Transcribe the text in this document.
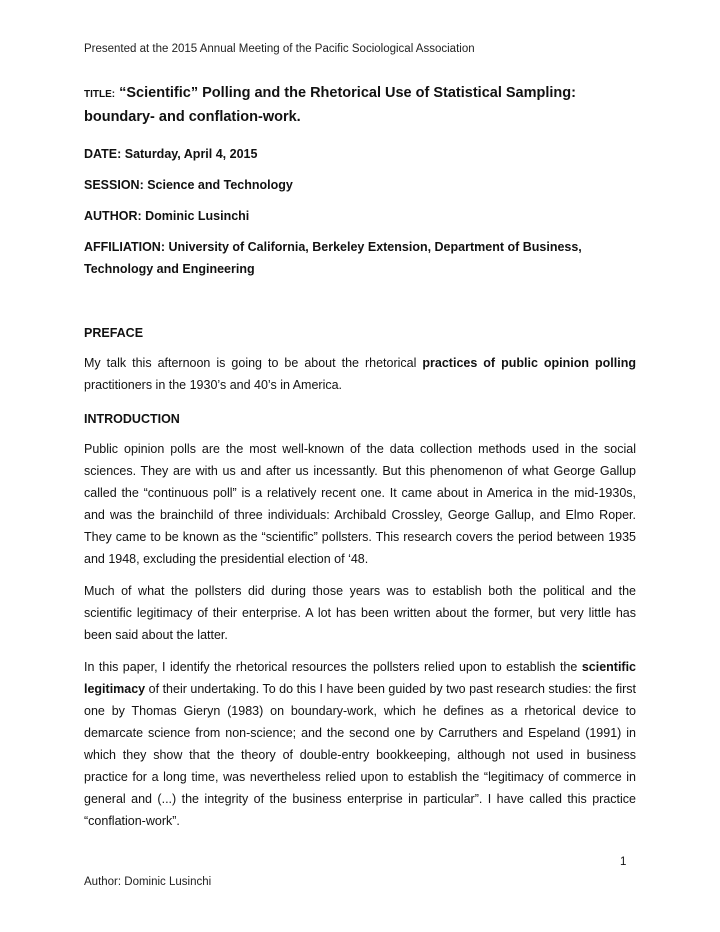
Presented at the 2015 Annual Meeting of the Pacific Sociological Association
TITLE: “Scientific” Polling and the Rhetorical Use of Statistical Sampling: boundary- and conflation-work.
DATE: Saturday, April 4, 2015
SESSION: Science and Technology
AUTHOR: Dominic Lusinchi
AFFILIATION: University of California, Berkeley Extension, Department of Business, Technology and Engineering
PREFACE

My talk this afternoon is going to be about the rhetorical practices of public opinion polling practitioners in the 1930’s and 40’s in America.

INTRODUCTION

Public opinion polls are the most well-known of the data collection methods used in the social sciences. They are with us and after us incessantly. But this phenomenon of what George Gallup called the “continuous poll” is a relatively recent one. It came about in America in the mid-1930s, and was the brainchild of three individuals: Archibald Crossley, George Gallup, and Elmo Roper. They came to be known as the “scientific” pollsters. This research covers the period between 1935 and 1948, excluding the presidential election of ‘48.

Much of what the pollsters did during those years was to establish both the political and the scientific legitimacy of their enterprise. A lot has been written about the former, but very little has been said about the latter.

In this paper, I identify the rhetorical resources the pollsters relied upon to establish the scientific legitimacy of their undertaking. To do this I have been guided by two past research studies: the first one by Thomas Gieryn (1983) on boundary-work, which he defines as a rhetorical device to demarcate science from non-science; and the second one by Carruthers and Espeland (1991) in which they show that the theory of double-entry bookkeeping, although not used in business practice for a long time, was nevertheless relied upon to establish the “legitimacy of commerce in general and (...) the integrity of the business enterprise in particular”. I have called this practice “conflation-work”.

1
Author: Dominic Lusinchi
